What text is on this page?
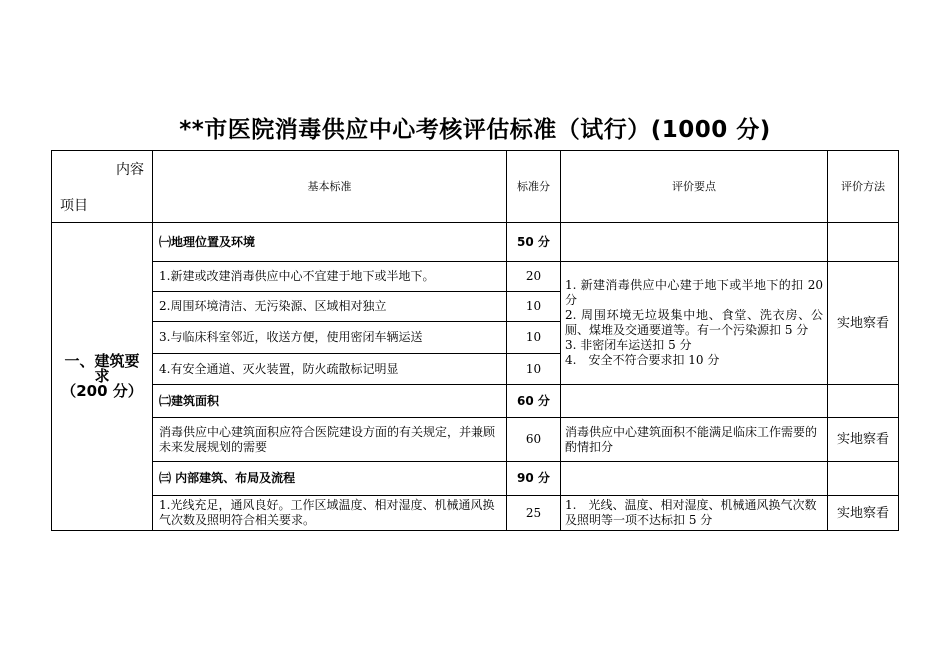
**市医院消毒供应中心考核评估标准（试行）(1000 分)
内容
项目	基本标准	标准分	评价要点	评价方法

一、建筑要
求
（200 分）	㈠地理位置及环境	50 分		
	1.新建或改建消毒供应中心不宜建于地下或半地下。	20	1. 新建消毒供应中心建于地下或半地下的扣 20 分
2. 周围环境无垃圾集中地、食堂、洗衣房、公厕、煤堆及交通要道等。有一个污染源扣 5 分
3. 非密闭车运送扣 5 分
4.　安全不符合要求扣 10 分	实地察看
	2.周围环境清洁、无污染源、区域相对独立	10		
	3.与临床科室邻近，收送方便，使用密闭车辆运送	10		
	4.有安全通道、灭火装置，防火疏散标记明显	10		
	㈡建筑面积	60 分		
	消毒供应中心建筑面积应符合医院建设方面的有关规定，并兼顾未来发展规划的需要	60	消毒供应中心建筑面积不能满足临床工作需要的酌情扣分	实地察看
	㈢ 内部建筑、布局及流程	90 分		
	1.光线充足，通风良好。工作区域温度、相对湿度、机械通风换气次数及照明符合相关要求。	25	1.　光线、温度、相对湿度、机械通风换气次数及照明等一项不达标扣 5 分	实地察看
